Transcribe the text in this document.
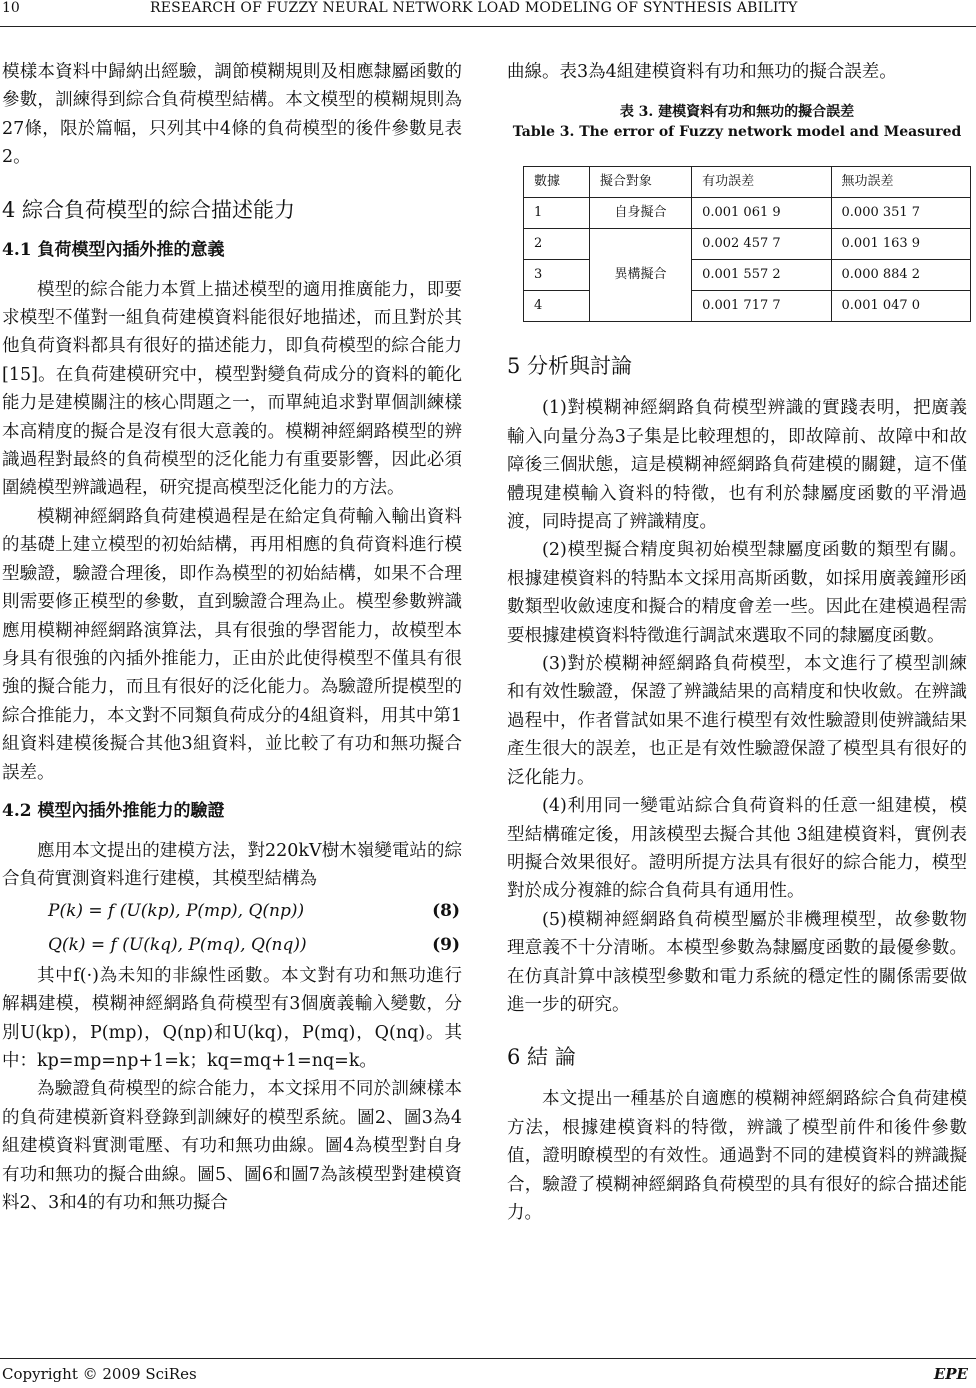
10	RESEARCH OF FUZZY NEURAL NETWORK LOAD MODELING OF SYNTHESIS ABILITY

模樣本資料中歸納出經驗，調節模糊規則及相應隸屬函數的參數，訓練得到綜合負荷模型結構。本文模型的模糊規則為27條，限於篇幅，只列其中4條的負荷模型的後件參數見表2。

4 綜合負荷模型的綜合描述能力
4.1 負荷模型內插外推的意義

模型的綜合能力本質上描述模型的適用推廣能力，即要求模型不僅對一組負荷建模資料能很好地描述，而且對於其他負荷資料都具有很好的描述能力，即負荷模型的綜合能力[15]。在負荷建模研究中，模型對變負荷成分的資料的範化能力是建模關注的核心問題之一，而單純追求對單個訓練樣本高精度的擬合是沒有很大意義的。模糊神經網路模型的辨識過程對最終的負荷模型的泛化能力有重要影響，因此必須圍繞模型辨識過程，研究提高模型泛化能力的方法。

模糊神經網路負荷建模過程是在給定負荷輸入輸出資料的基礎上建立模型的初始結構，再用相應的負荷資料進行模型驗證，驗證合理後，即作為模型的初始結構，如果不合理則需要修正模型的參數，直到驗證合理為止。模型參數辨識應用模糊神經網路演算法，具有很強的學習能力，故模型本身具有很強的內插外推能力，正由於此使得模型不僅具有很強的擬合能力，而且有很好的泛化能力。為驗證所提模型的綜合推能力，本文對不同類負荷成分的4組資料，用其中第1組資料建模後擬合其他3組資料，並比較了有功和無功擬合誤差。

4.2 模型內插外推能力的驗證

應用本文提出的建模方法，對220kV樹木嶺變電站的綜合負荷實測資料進行建模，其模型結構為

P(k) = f (U(kp), P(mp), Q(np))	(8)
Q(k) = f (U(kq), P(mq), Q(nq))	(9)

其中f(·)為未知的非線性函數。本文對有功和無功進行解耦建模，模糊神經網路負荷模型有3個廣義輸入變數，分別U(kp)，P(mp)，Q(np)和U(kq)，P(mq)，Q(nq)。其中：kp=mp=np+1=k；kq=mq+1=nq=k。

為驗證負荷模型的綜合能力，本文採用不同於訓練樣本的負荷建模新資料登錄到訓練好的模型系統。圖2、圖3為4組建模資料實測電壓、有功和無功曲線。圖4為模型對自身有功和無功的擬合曲線。圖5、圖6和圖7為該模型對建模資料2、3和4的有功和無功擬合

曲線。表3為4組建模資料有功和無功的擬合誤差。

表 3. 建模資料有功和無功的擬合誤差
Table 3. The error of Fuzzy network model and Measured
數據	擬合對象	有功誤差	無功誤差
1	自身擬合	0.001 061 9	0.000 351 7
2	異構擬合	0.002 457 7	0.001 163 9
3		0.001 557 2	0.000 884 2
4		0.001 717 7	0.001 047 0
5 分析與討論

(1)對模糊神經網路負荷模型辨識的實踐表明，把廣義輸入向量分為3子集是比較理想的，即故障前、故障中和故障後三個狀態，這是模糊神經網路負荷建模的關鍵，這不僅體現建模輸入資料的特徵，也有利於隸屬度函數的平滑過渡，同時提高了辨識精度。

(2)模型擬合精度與初始模型隸屬度函數的類型有關。根據建模資料的特點本文採用高斯函數，如採用廣義鐘形函數類型收斂速度和擬合的精度會差一些。因此在建模過程需要根據建模資料特徵進行調試來選取不同的隸屬度函數。

(3)對於模糊神經網路負荷模型，本文進行了模型訓練和有效性驗證，保證了辨識結果的高精度和快收斂。在辨識過程中，作者嘗試如果不進行模型有效性驗證則使辨識結果產生很大的誤差，也正是有效性驗證保證了模型具有很好的泛化能力。

(4)利用同一變電站綜合負荷資料的任意一組建模，模型結構確定後，用該模型去擬合其他 3組建模資料，實例表明擬合效果很好。證明所提方法具有很好的綜合能力，模型對於成分複雜的綜合負荷具有通用性。

(5)模糊神經網路負荷模型屬於非機理模型，故參數物理意義不十分清晰。本模型參數為隸屬度函數的最優參數。在仿真計算中該模型參數和電力系統的穩定性的關係需要做進一步的研究。

6 結 論

本文提出一種基於自適應的模糊神經網路綜合負荷建模方法，根據建模資料的特徵，辨識了模型前件和後件參數值，證明瞭模型的有效性。通過對不同的建模資料的辨識擬合，驗證了模糊神經網路負荷模型的具有很好的綜合描述能力。

Copyright © 2009 SciRes	EPE
